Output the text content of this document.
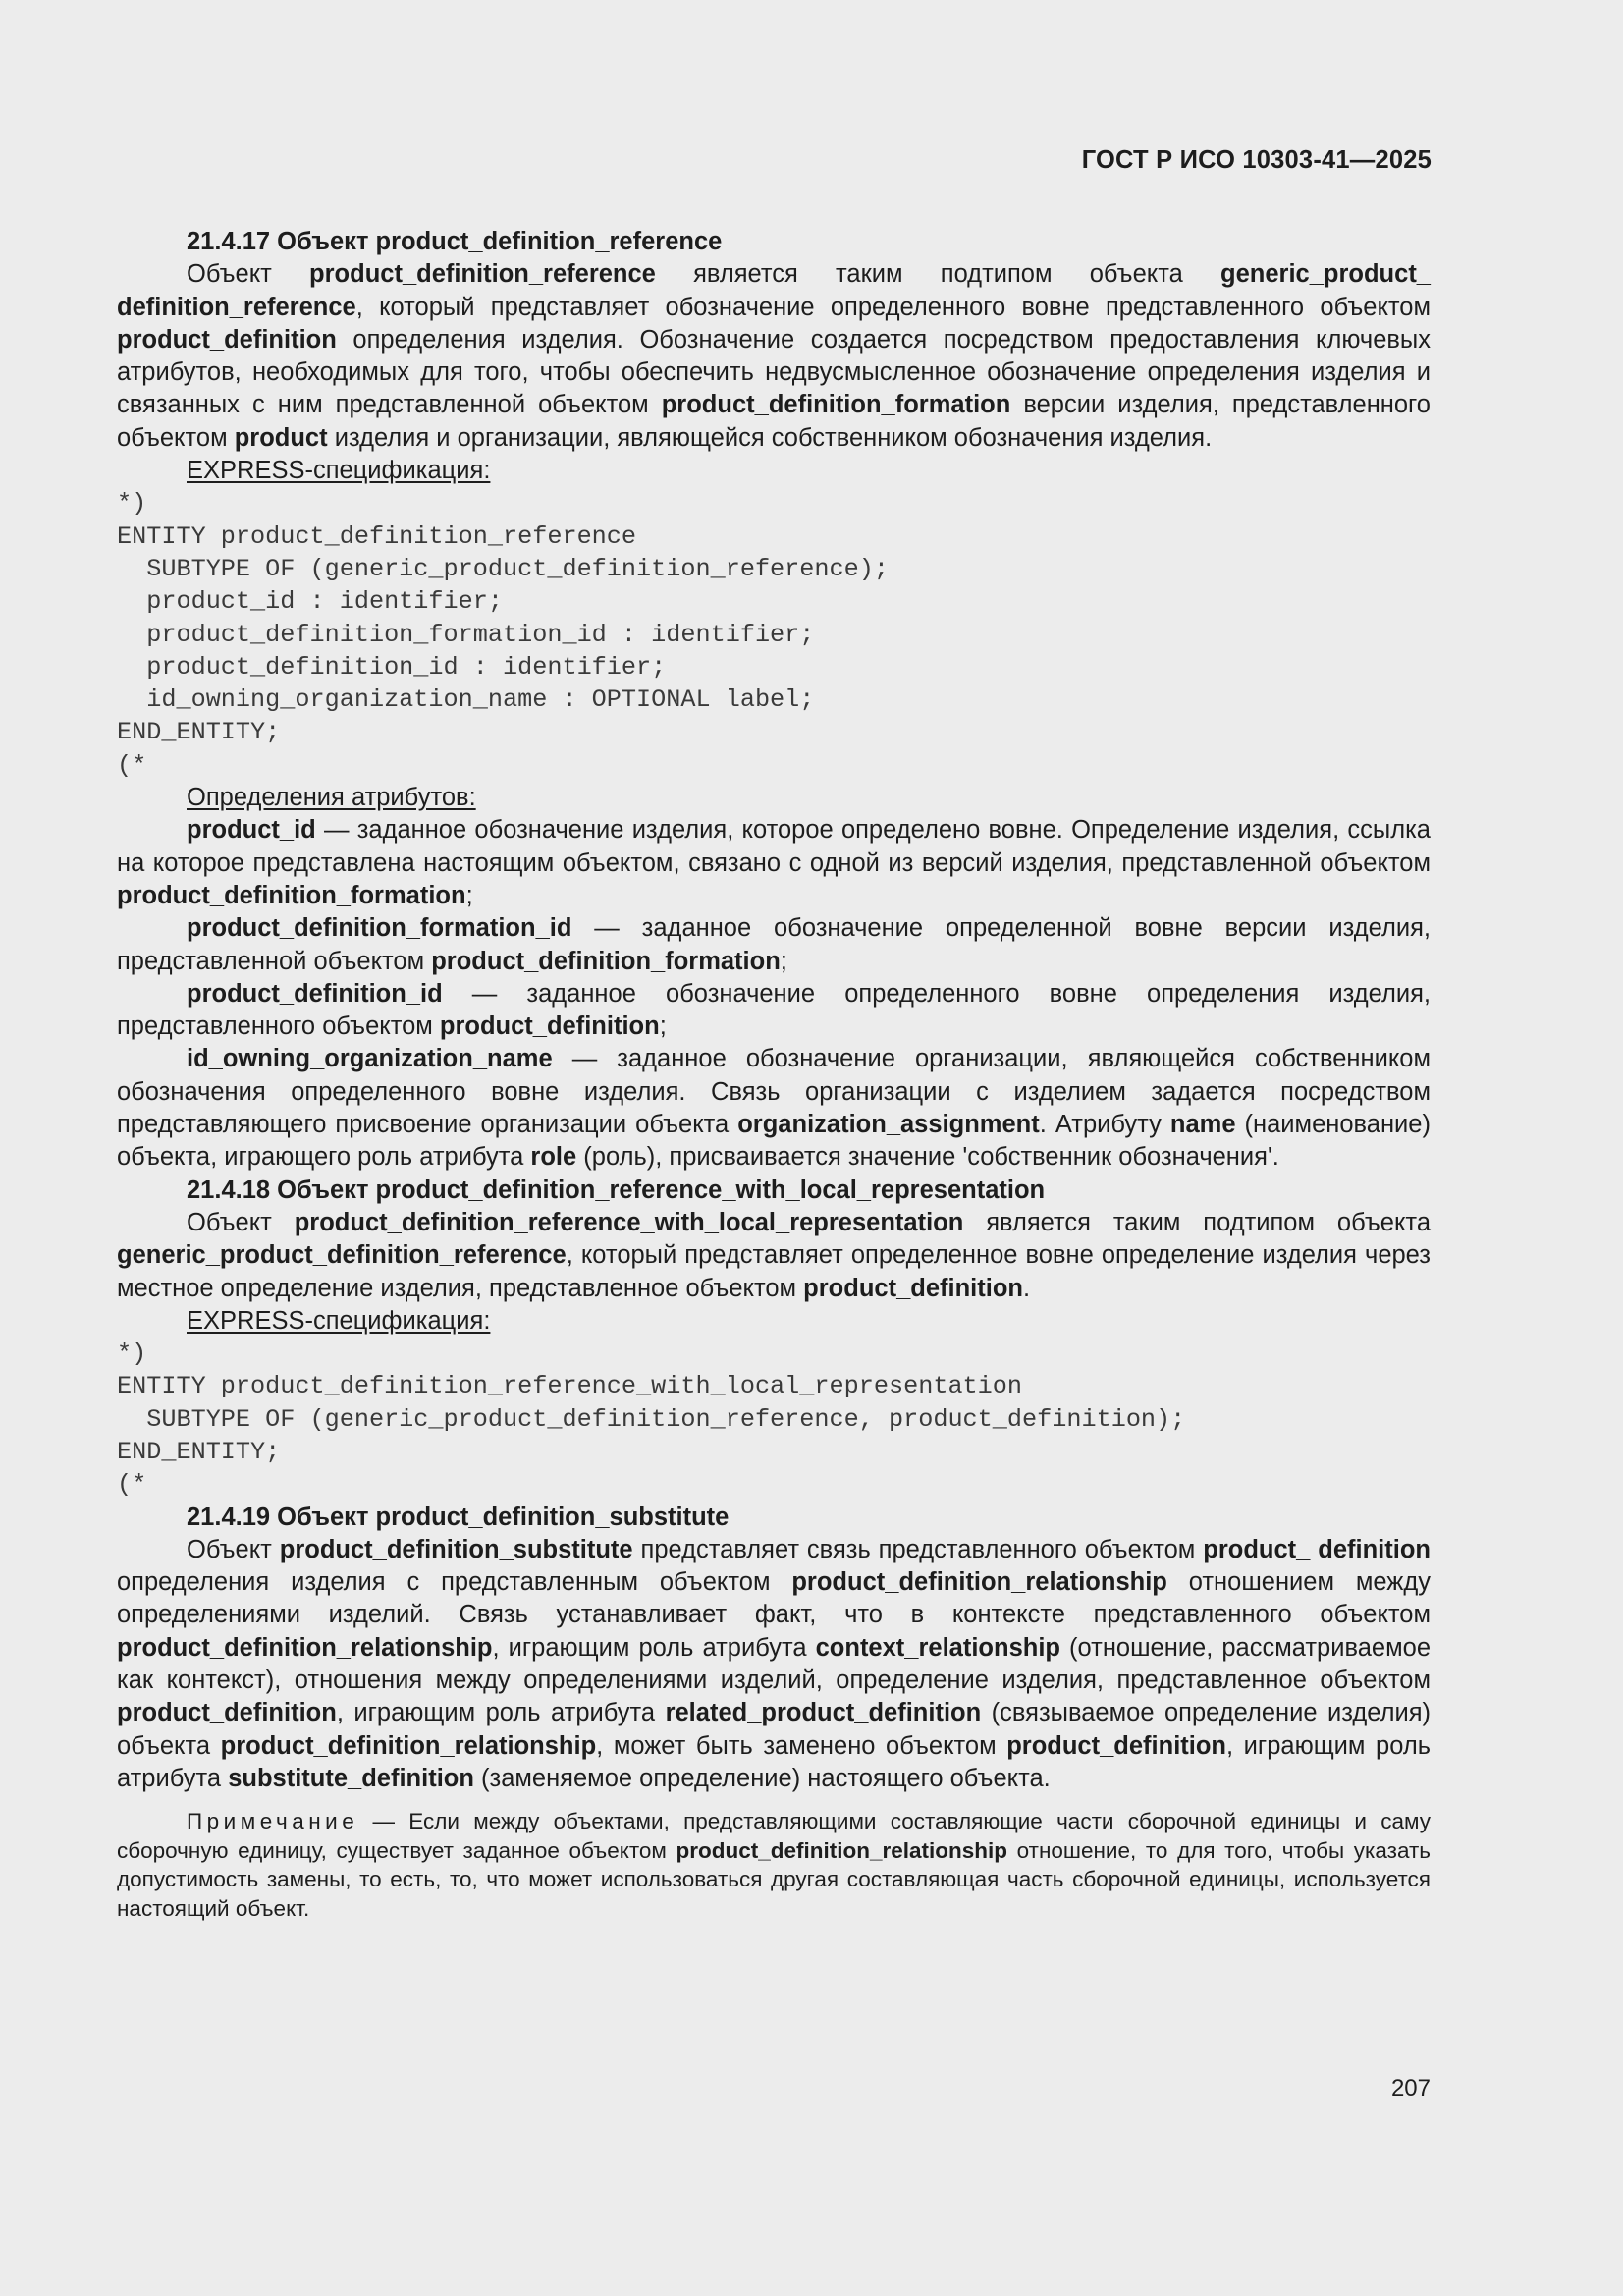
ГОСТ Р ИСО 10303-41—2025
21.4.17 Объект product_definition_reference

Объект product_definition_reference является таким подтипом объекта generic_product_ definition_reference, который представляет обозначение определенного вовне представленного объектом product_definition определения изделия. Обозначение создается посредством предоставления ключевых атрибутов, необходимых для того, чтобы обеспечить недвусмысленное обозначение определения изделия и связанных с ним представленной объектом product_definition_formation версии изделия, представленного объектом product изделия и организации, являющейся собственником обозначения изделия.

EXPRESS-спецификация:
*)
ENTITY product_definition_reference
SUBTYPE OF (generic_product_definition_reference);
product_id : identifier;
product_definition_formation_id : identifier;
product_definition_id : identifier;
id_owning_organization_name : OPTIONAL label;
END_ENTITY;
(*
Определения атрибутов:

product_id — заданное обозначение изделия, которое определено вовне. Определение изделия, ссылка на которое представлена настоящим объектом, связано с одной из версий изделия, представленной объектом product_definition_formation;

product_definition_formation_id — заданное обозначение определенной вовне версии изделия, представленной объектом product_definition_formation;

product_definition_id — заданное обозначение определенного вовне определения изделия, представленного объектом product_definition;

id_owning_organization_name — заданное обозначение организации, являющейся собственником обозначения определенного вовне изделия. Связь организации с изделием задается посредством представляющего присвоение организации объекта organization_assignment. Атрибуту name (наименование) объекта, играющего роль атрибута role (роль), присваивается значение 'собственник обозначения'.

21.4.18 Объект product_definition_reference_with_local_representation

Объект product_definition_reference_with_local_representation является таким подтипом объекта generic_product_definition_reference, который представляет определенное вовне определение изделия через местное определение изделия, представленное объектом product_definition.

EXPRESS-спецификация:
*)
ENTITY product_definition_reference_with_local_representation
SUBTYPE OF (generic_product_definition_reference, product_definition);
END_ENTITY;
(*
21.4.19 Объект product_definition_substitute

Объект product_definition_substitute представляет связь представленного объектом product_ definition определения изделия с представленным объектом product_definition_relationship отношением между определениями изделий. Связь устанавливает факт, что в контексте представленного объектом product_definition_relationship, играющим роль атрибута context_relationship (отношение, рассматриваемое как контекст), отношения между определениями изделий, определение изделия, представленное объектом product_definition, играющим роль атрибута related_product_definition (связываемое определение изделия) объекта product_definition_relationship, может быть заменено объектом product_definition, играющим роль атрибута substitute_definition (заменяемое определение) настоящего объекта.

Примечание — Если между объектами, представляющими составляющие части сборочной единицы и саму сборочную единицу, существует заданное объектом product_definition_relationship отношение, то для того, чтобы указать допустимость замены, то есть, то, что может использоваться другая составляющая часть сборочной единицы, используется настоящий объект.

207
